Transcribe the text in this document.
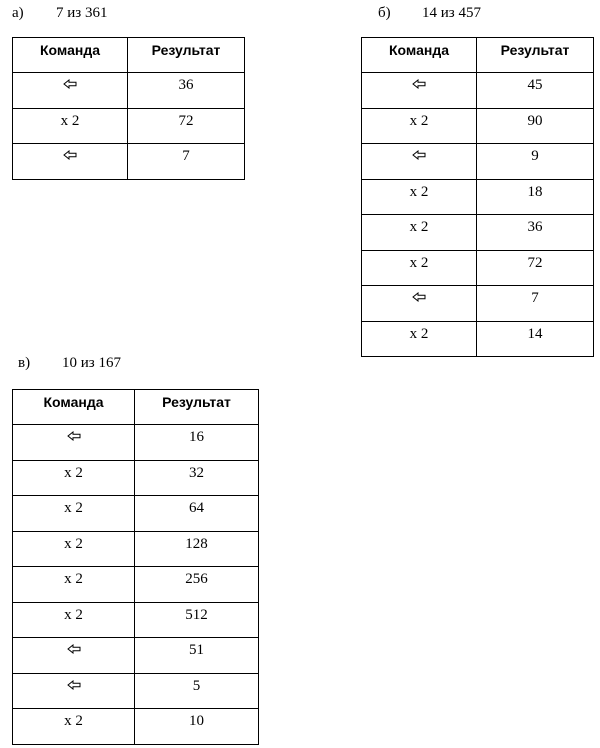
а) 7 из 361
Команда	Результат
	36
х 2	72
	7
б) 14 из 457
Команда	Результат
	45
х 2	90
	9
х 2	18
х 2	36
х 2	72
	7
х 2	14
в) 10 из 167
Команда	Результат
	16
х 2	32
х 2	64
х 2	128
х 2	256
х 2	512
	51
	5
х 2	10
